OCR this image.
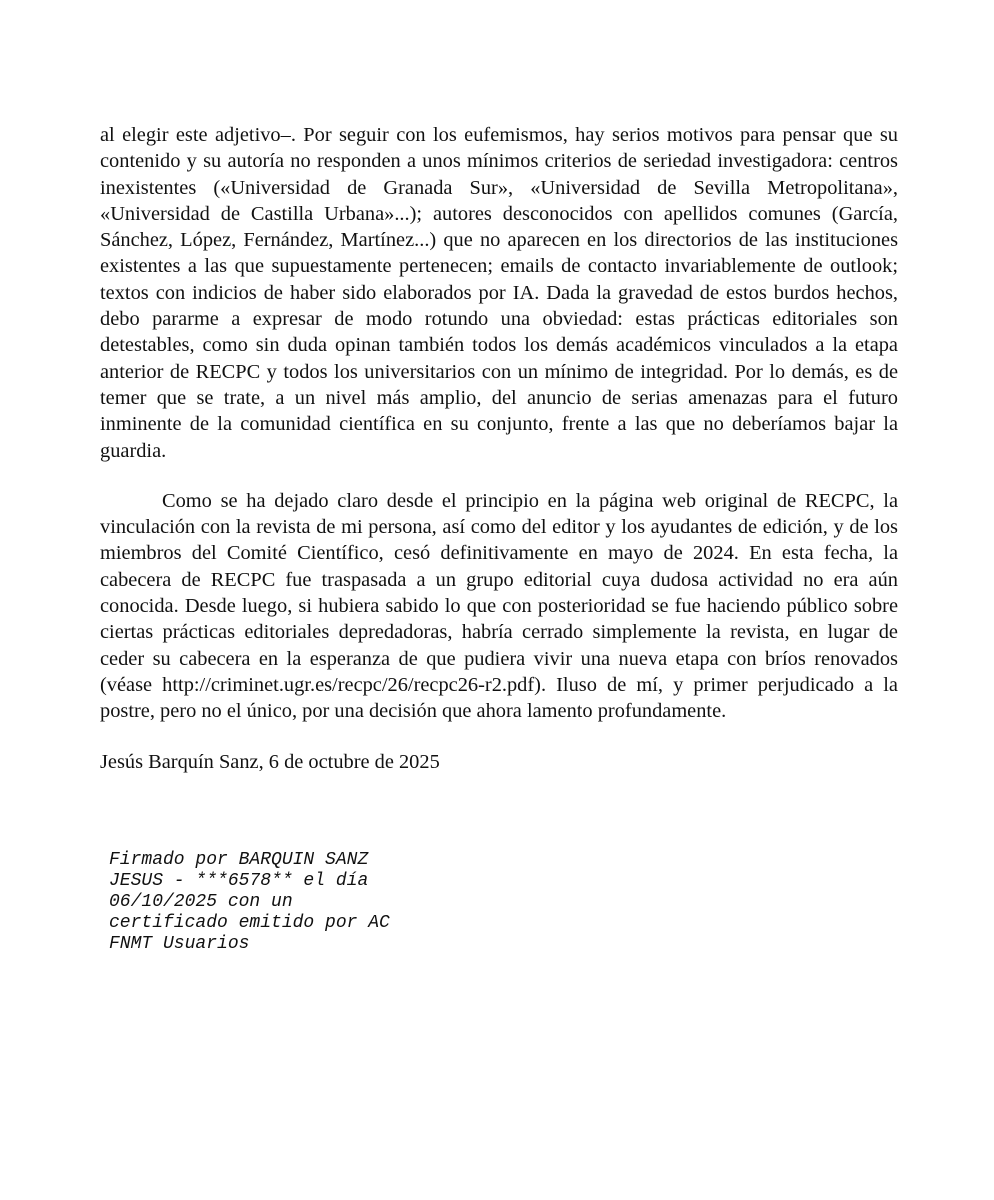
al elegir este adjetivo–. Por seguir con los eufemismos, hay serios motivos para pensar que su contenido y su autoría no responden a unos mínimos criterios de seriedad investigadora: centros inexistentes («Universidad de Granada Sur», «Universidad de Sevilla Metropolitana», «Universidad de Castilla Urbana»...); autores desconocidos con apellidos comunes (García, Sánchez, López, Fernández, Martínez...) que no aparecen en los directorios de las instituciones existentes a las que supuestamente pertenecen; emails de contacto invariablemente de outlook; textos con indicios de haber sido elaborados por IA. Dada la gravedad de estos burdos hechos, debo pararme a expresar de modo rotundo una obviedad: estas prácticas editoriales son detestables, como sin duda opinan también todos los demás académicos vinculados a la etapa anterior de RECPC y todos los universitarios con un mínimo de integridad. Por lo demás, es de temer que se trate, a un nivel más amplio, del anuncio de serias amenazas para el futuro inminente de la comunidad científica en su conjunto, frente a las que no deberíamos bajar la guardia.

Como se ha dejado claro desde el principio en la página web original de RECPC, la vinculación con la revista de mi persona, así como del editor y los ayudantes de edición, y de los miembros del Comité Científico, cesó definitivamente en mayo de 2024. En esta fecha, la cabecera de RECPC fue traspasada a un grupo editorial cuya dudosa actividad no era aún conocida. Desde luego, si hubiera sabido lo que con posterioridad se fue haciendo público sobre ciertas prácticas editoriales depredadoras, habría cerrado simplemente la revista, en lugar de ceder su cabecera en la esperanza de que pudiera vivir una nueva etapa con bríos renovados (véase http://criminet.ugr.es/recpc/26/recpc26-r2.pdf). Iluso de mí, y primer perjudicado a la postre, pero no el único, por una decisión que ahora lamento profundamente.

Jesús Barquín Sanz, 6 de octubre de 2025

Firmado por BARQUIN SANZ
JESUS - ***6578** el día
06/10/2025 con un
certificado emitido por AC
FNMT Usuarios
